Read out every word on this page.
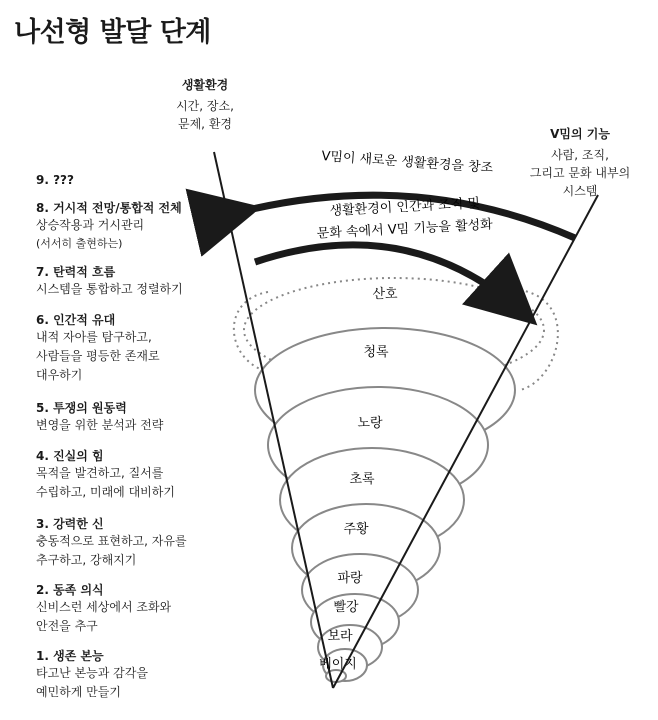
나선형 발달 단계
생활환경
시간, 장소,
문제, 환경
V밈의 기능
사람, 조직,
그리고 문화 내부의
시스템
V밈이 새로운 생활환경을 창조
생활환경이 인간과 조직 및
문화 속에서 V밈 기능을 활성화
산호
청록
노랑
초록
주황
파랑
빨강
보라
베이지
9. ???
8. 거시적 전망/통합적 전체
상승작용과 거시관리
(서서히 출현하는)
7. 탄력적 흐름
시스템을 통합하고 정렬하기
6. 인간적 유대
내적 자아를 탐구하고,
사람들을 평등한 존재로
대우하기
5. 투쟁의 원동력
변영을 위한 분석과 전략
4. 진실의 힘
목적을 발견하고, 질서를
수립하고, 미래에 대비하기
3. 강력한 신
충동적으로 표현하고, 자유를
추구하고, 강해지기
2. 동족 의식
신비스런 세상에서 조화와
안전을 추구
1. 생존 본능
타고난 본능과 감각을
예민하게 만들기
